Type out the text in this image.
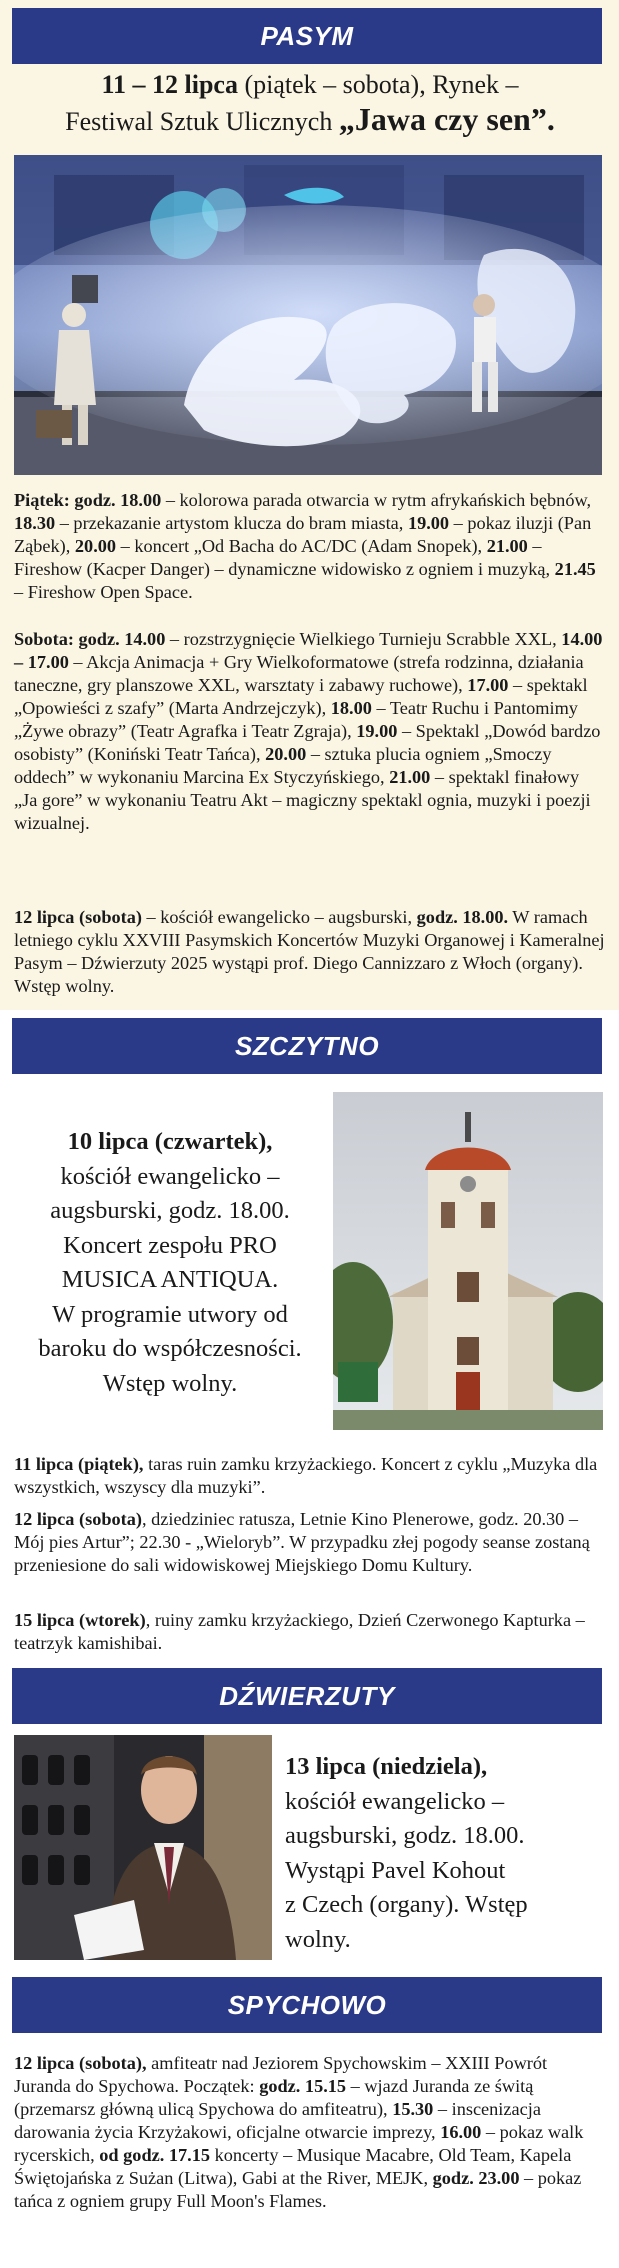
PASYM
11 – 12 lipca (piątek – sobota), Rynek –
Festiwal Sztuk Ulicznych „Jawa czy sen”.
Piątek: godz. 18.00 – kolorowa parada otwarcia w rytm afrykańskich bębnów, 18.30 – przekazanie artystom klucza do bram miasta, 19.00 – pokaz iluzji (Pan Ząbek), 20.00 – koncert „Od Bacha do AC/DC (Adam Snopek), 21.00 – Fireshow (Kacper Danger) – dynamiczne widowisko z ogniem i muzyką, 21.45 – Fireshow Open Space.
Sobota: godz. 14.00 – rozstrzygnięcie Wielkiego Turnieju Scrabble XXL, 14.00 – 17.00 – Akcja Animacja + Gry Wielkoformatowe (strefa rodzinna, działania taneczne, gry planszowe XXL, warsztaty i zabawy ruchowe), 17.00 – spektakl „Opowieści z szafy” (Marta Andrzejczyk), 18.00 – Teatr Ruchu i Pantomimy „Żywe obrazy” (Teatr Agrafka i Teatr Zgraja), 19.00 – Spektakl „Dowód bardzo osobisty” (Koniński Teatr Tańca), 20.00 – sztuka plucia ogniem „Smoczy oddech” w wykonaniu Marcina Ex Styczyńskiego, 21.00 – spektakl finałowy „Ja gore” w wykonaniu Teatru Akt – magiczny spektakl ognia, muzyki i poezji wizualnej.
12 lipca (sobota) – kościół ewangelicko – augsburski, godz. 18.00. W ramach letniego cyklu XXVIII Pasymskich Koncertów Muzyki Organowej i Kameralnej Pasym – Dźwierzuty 2025 wystąpi prof. Diego Cannizzaro z Włoch (organy). Wstęp wolny.
SZCZYTNO
10 lipca (czwartek),
kościół ewangelicko –
augsburski, godz. 18.00.
Koncert zespołu PRO
MUSICA ANTIQUA.
W programie utwory od
baroku do współczesności.
Wstęp wolny.
11 lipca (piątek), taras ruin zamku krzyżackiego. Koncert z cyklu „Muzyka dla wszystkich, wszyscy dla muzyki”.
12 lipca (sobota), dziedziniec ratusza, Letnie Kino Plenerowe, godz. 20.30 – Mój pies Artur”; 22.30 - „Wieloryb”. W przypadku złej pogody seanse zostaną przeniesione do sali widowiskowej Miejskiego Domu Kultury.
15 lipca (wtorek), ruiny zamku krzyżackiego, Dzień Czerwonego Kapturka – teatrzyk kamishibai.
DŹWIERZUTY
13 lipca (niedziela),
kościół ewangelicko –
augsburski, godz. 18.00.
Wystąpi Pavel Kohout
z Czech (organy). Wstęp
wolny.
SPYCHOWO
12 lipca (sobota), amfiteatr nad Jeziorem Spychowskim – XXIII Powrót Juranda do Spychowa. Początek: godz. 15.15 – wjazd Juranda ze świtą (przemarsz główną ulicą Spychowa do amfiteatru), 15.30 – inscenizacja darowania życia Krzyżakowi, oficjalne otwarcie imprezy, 16.00 – pokaz walk rycerskich, od godz. 17.15 koncerty – Musique Macabre, Old Team, Kapela Świętojańska z Sużan (Litwa), Gabi at the River, MEJK, godz. 23.00 – pokaz tańca z ogniem grupy Full Moon's Flames.
